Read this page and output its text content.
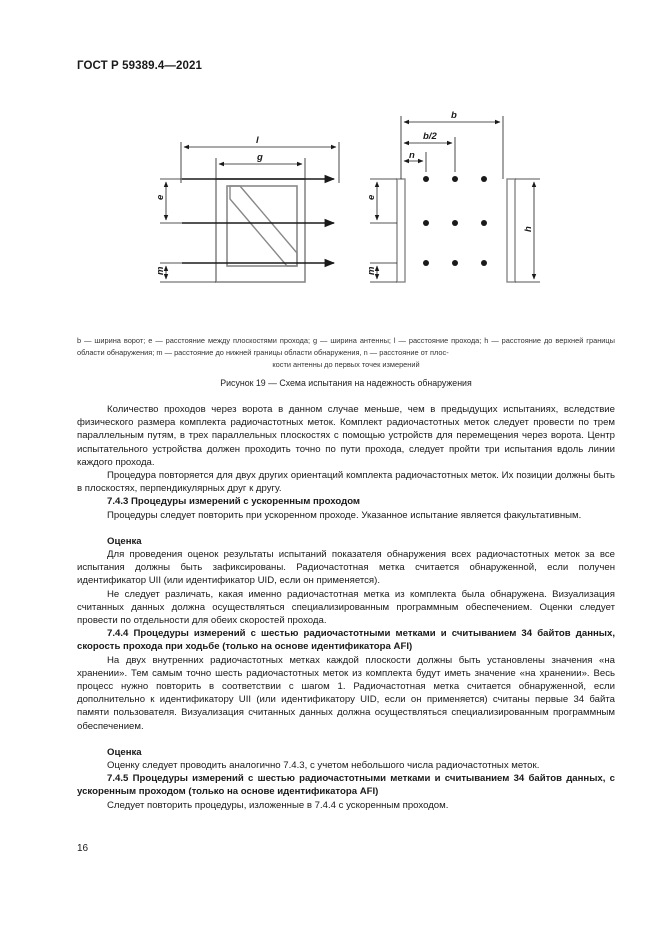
ГОСТ Р 59389.4—2021
l
g
e
m
b
b/2
n
e
m
h
b — ширина ворот; e — расстояние между плоскостями прохода; g — ширина антенны; l — расстояние прохода; h — расстояние до верхней границы области обнаружения; m — расстояние до нижней границы области обнаружения, n — расстояние от плос-
кости антенны до первых точек измерений
Рисунок 19 — Схема испытания на надежность обнаружения

Количество проходов через ворота в данном случае меньше, чем в предыдущих испытаниях, вследствие физического размера комплекта радиочастотных меток. Комплект радиочастотных меток следует провести по трем параллельным путям, в трех параллельных плоскостях с помощью устройств для перемещения через ворота. Центр испытательного устройства должен проходить точно по пути прохода, следует пройти три испытания вдоль линии каждого прохода.

Процедура повторяется для двух других ориентаций комплекта радиочастотных меток. Их позиции должны быть в плоскостях, перпендикулярных друг к другу.

7.4.3 Процедуры измерений с ускоренным проходом

Процедуры следует повторить при ускоренном проходе. Указанное испытание является факультативным.

Оценка

Для проведения оценок результаты испытаний показателя обнаружения всех радиочастотных меток за все испытания должны быть зафиксированы. Радиочастотная метка считается обнаруженной, если получен идентификатор UII (или идентификатор UID, если он применяется).

Не следует различать, какая именно радиочастотная метка из комплекта была обнаружена. Визуализация считанных данных должна осуществляться специализированным программным обеспечением. Оценки следует провести по отдельности для обеих скоростей прохода.

7.4.4 Процедуры измерений с шестью радиочастотными метками и считыванием 34 байтов данных, скорость прохода при ходьбе (только на основе идентификатора AFI)

На двух внутренних радиочастотных метках каждой плоскости должны быть установлены значения «на хранении». Тем самым точно шесть радиочастотных меток из комплекта будут иметь значение «на хранении». Весь процесс нужно повторить в соответствии с шагом 1. Радиочастотная метка считается обнаруженной, если дополнительно к идентификатору UII (или идентификатору UID, если он применяется) считаны первые 34 байта памяти пользователя. Визуализация считанных данных должна осуществляться специализированным программным обеспечением.

Оценка

Оценку следует проводить аналогично 7.4.3, с учетом небольшого числа радиочастотных меток.

7.4.5 Процедуры измерений с шестью радиочастотными метками и считыванием 34 байтов данных, с ускоренным проходом (только на основе идентификатора AFI)

Следует повторить процедуры, изложенные в 7.4.4 с ускоренным проходом.

16
